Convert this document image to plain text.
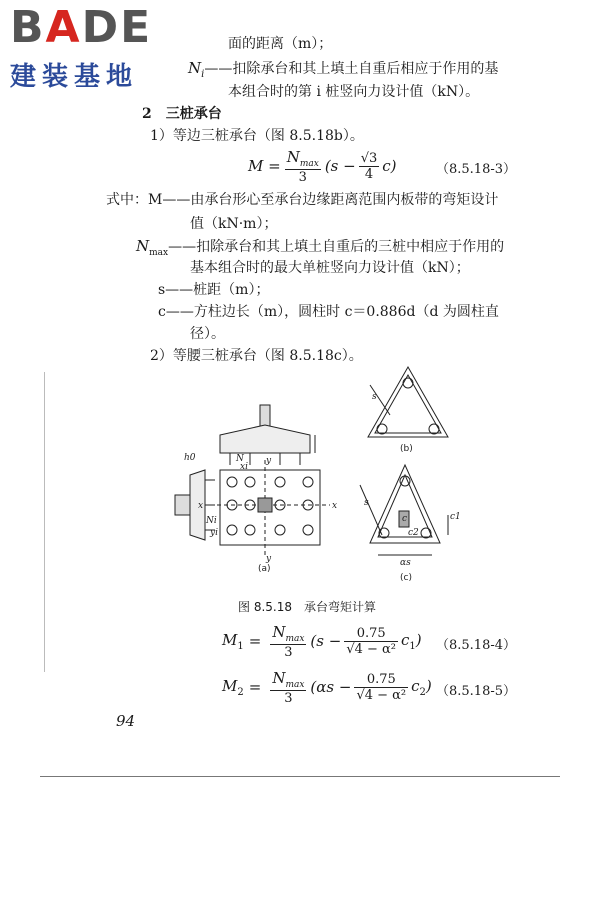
BADE
建装基地
面的距离（m）；
$N_i——$扣除承台和其上填土自重后相应于作用的基
本组合时的第 i 桩竖向力设计值（kN）。
2　三桩承台
1）等边三桩承台（图 8.5.18b）。
$M = \frac{N_{max}}{3} (s - \frac{√3}{4} c)$	（8.5.18-3）
式中：M——由承台形心至承台边缘距离范围内板带的弯矩设计
值（kN·m）；
$N_{max}——$扣除承台和其上填土自重后的三桩中相应于作用的
基本组合时的最大单桩竖向力设计值（kN）；
s——桩距（m）；
c——方柱边长（m），圆柱时 c＝0.886d（d 为圆柱直
径）。
2）等腰三桩承台（图 8.5.18c）。
h0	y
y
x
x
N
Ni
xi
yi
s
c	c1
c2
αs
s
(a)
(b)
(c)
图 8.5.18　承台弯矩计算
$M_1 = \frac{N_{max}}{3} (s - \frac{0.75}{\text{√4 − α²}} c_1)$ （8.5.18-4）
$M_2 = \frac{N_{max}}{3} (\alpha s - \frac{0.75}{\text{√4 − α²}} c_2)$ （8.5.18-5）
94
